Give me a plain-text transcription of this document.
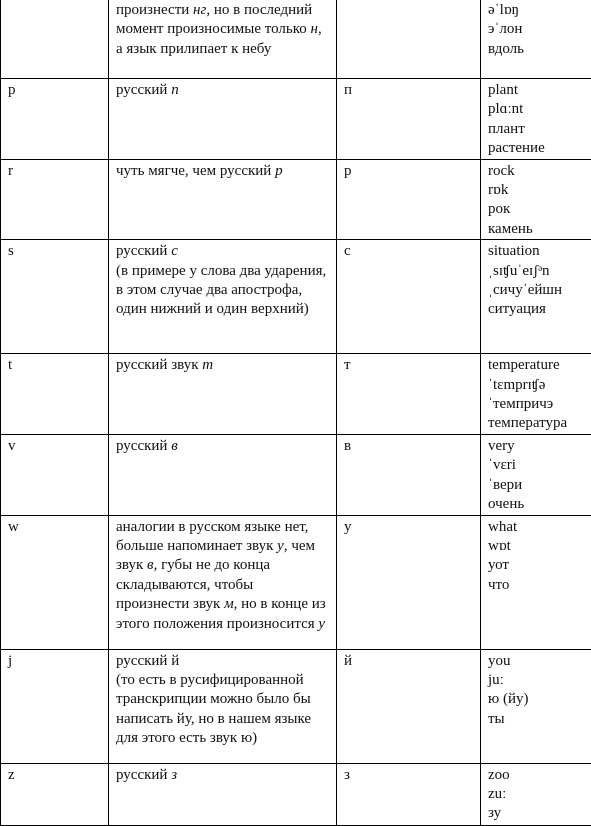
	произнести нг, но в последний момент произносимые только н, а язык прилипает к небу		əˈlɒŋ
эˈлон
вдоль

p	русский п	п	plant
plɑːnt
плант
растение

r	чуть мягче, чем русский р	р	rock
rɒk
рок
камень

s	русский с
(в примере у слова два ударения, в этом случае два апострофа, один нижний и один верхний)	с	situation
ˌsɪʧuˈeɪʃᵊn
ˌсичуˈейшн
ситуация

t	русский звук т	т	temperature
ˈtɛmprɪʧə
ˈтемпричэ
температура

v	русский в	в	very
ˈvɛri
ˈвери
очень

w	аналогии в русском языке нет, больше напоминает звук у, чем звук в, губы не до конца складываются, чтобы произнести звук м, но в конце из этого положения произносится у	у	what
wɒt
уот
что

j	русский й
(то есть в русифицированной транскрипции можно было бы написать йу, но в нашем языке для этого есть звук ю)	й	you
juː
ю (йу)
ты

z	русский з	з	zoo
zuː
зу
